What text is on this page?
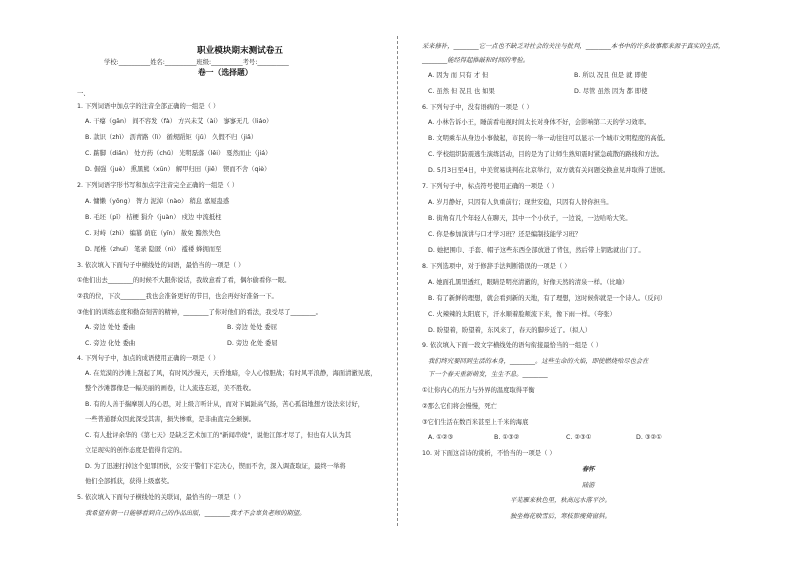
职业模块期末测试卷五
学校:__________姓名:__________班级:__________考号:__________
卷一（选择题）
一、
1. 下列词语中加点字的注音全部正确的一组是（ ）
A. 干瘪（gān） 间不容发（fà） 方兴未艾（ài） 寥寥无几（liáo）
B. 款识（zhì） 沥青路（lì） 循规蹈矩（jǔ） 久假不归（jiǎ）
C. 踮脚（diǎn） 处方药（chǔ） 光明磊落（lěi） 戛然而止（jiá）
D. 倔强（juè） 熏黑熊（xūn） 解甲归田（jiě） 锲而不舍（qiè）
2. 下列词语字形书写和加点字注音完全正确的一组是（ ）
A. 慵懒（yōng） 膂力 泥淖（nào） 稍息 嘉厦蛊惑
B. 毛坯（pī） 桔梗 狷介（juàn） 戍边 中流抵柱
C. 对峙（zhì） 编纂 荫庇（yīn） 赦免 黯然失色
D. 尾椎（zhuī） 笔录 隐匿（nì） 褴褛 蜂拥而至
3. 依次填入下面句子中横线处的词语，最恰当的一项是（ ）
①他们出去________的时候不大跟你说话，我故意看了看，偶尔偷看你一眼。
②我的位，下次________我也会准备更好的节目，也会再好好准备一下。
③他们的训练态度和勤奋刻苦的精神，________了你对他们的看法，我受尽了________。
A. 旁边 处处 委曲	B. 旁边 处处 委屈
C. 旁边 化处 委曲	D. 旁边 化处 委屈
4. 下列句子中，加点的成语使用正确的一项是（ ）
A. 在荒漠的沙滩上刮起了风，有时风沙漫天，天昏地暗，令人心惊胆战；有时风平浪静，海面清澈见底，
整个沙滩都像是一幅美丽的画卷，让人流连忘返，美不胜收。
B. 有的人善于揣摩别人的心思，对上级言听计从，而对下属趾高气扬，苦心孤诣地想方设法来讨好，
一些普通群众因此深受其害，损失惨重，是非曲直完全颠倒。
C. 有人批评余华的《第七天》是缺乏艺术加工的"新闻串烧"，说他江郎才尽了，但也有人认为其
立足现实的创作态度是值得肯定的。
D. 为了迅速打掉这个犯罪团伙，公安干警们下定决心，锲而不舍，深入调查取证，最终一举将
他们全部抓获，获得上级嘉奖。
5. 依次填入下面句子横线处的关联词，最恰当的一项是（ ）
我希望有朝一日能够看到自己的作品出版，________我才不会辜负老师的期望。
采来修补，________它一点也不缺乏对社会的关注与批判，________本书中的许多故事都来源于真实的生活，
________能经得起推敲和时间的考验。
A. 因为 而 只有 才 但	B. 所以 况且 但是 就 即使
C. 虽然 但 况且 也 如果	D. 尽管 虽然 因为 都 即使
6. 下列句子中，没有语病的一项是（ ）
A. 小林告诉小王，睡前看电视时间太长对身体不好，会影响第二天的学习效率。
B. 文明乘车从身边小事做起，市民的一举一动往往可以显示一个城市文明程度的高低。
C. 学校组织防震逃生演练活动，目的是为了让师生熟知震时紧急疏散的路线和方法。
D. 5月3日至4日，中美贸易谈判在北京举行，双方就有关问题交换意见并取得了进展。
7. 下列句子中，标点符号使用正确的一项是（ ）
A. 岁月静好，只因有人负重前行；现世安稳，只因有人替你担当。
B. 街角有几个年轻人在聊天，其中一个小伙子，一边说，一边哈哈大笑。
C. 你是参加演讲与口才学习班？还是编制技能学习班？
D. 她把围巾、手套、帽子这些东西全部放进了背包，然后带上钥匙就出门了。
8. 下列选项中，对于修辞手法判断错误的一项是（ ）
A. 她面孔黑里透红，眼睛是明亮清澈的，好像天然的清泉一样。（比喻）
B. 有了新鲜的理想，就会看到新的天地，有了理想，这时候你就是一个诗人。（反问）
C. 火辣辣的太阳底下，汗水顺着脸颊流下来，像下雨一样。（夸张）
D. 盼望着，盼望着，东风来了，春天的脚步近了。（拟人）
9. 依次填入下面一段文字横线处的语句衔接最恰当的一组是（ ）
我们终究要回到生活的本身，________。这些生命的火焰，即使燃烧殆尽也会在
下一个春天重新萌发，生生不息。________
①让你内心的压力与外界的温度取得平衡
②那么它们将会慢慢，死亡
③它们生活在数百米甚至上千米的海底
A. ①②③	B. ①③②	C. ②③①	D. ③②①
10. 对下面这首诗的赏析，不恰当的一项是（ ）
春怀
陆游
平芜雁来秋色里，秋高远水落平沙。
独坐梅花映雪后，寒枝影瘦倚窗斜。
